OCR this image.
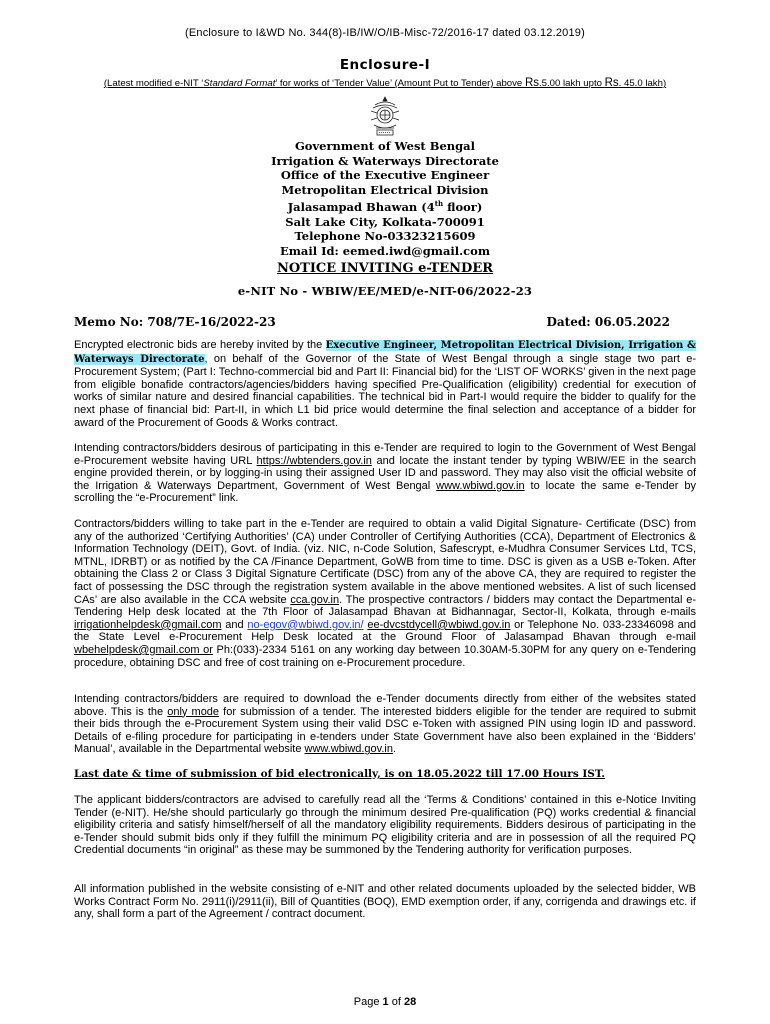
(Enclosure to I&WD No. 344(8)-IB/IW/O/IB-Misc-72/2016-17 dated 03.12.2019)
Enclosure-I
(Latest modified e-NIT ‘Standard Format’ for works of ‘Tender Value’ (Amount Put to Tender) above Rs.5.00 lakh upto Rs. 45.0 lakh)
Government of West Bengal
Irrigation & Waterways Directorate
Office of the Executive Engineer
Metropolitan Electrical Division
Jalasampad Bhawan (4th floor)
Salt Lake City, Kolkata-700091
Telephone No-03323215609
Email Id: eemed.iwd@gmail.com
NOTICE INVITING e-TENDER
e-NIT No - WBIW/EE/MED/e-NIT-06/2022-23
Memo No: 708/7E-16/2022-23	Dated: 06.05.2022
Encrypted electronic bids are hereby invited by the Executive Engineer, Metropolitan Electrical Division, Irrigation & Waterways Directorate, on behalf of the Governor of the State of West Bengal through a single stage two part e-Procurement System; (Part I: Techno-commercial bid and Part II: Financial bid) for the ‘LIST OF WORKS’ given in the next page from eligible bonafide contractors/agencies/bidders having specified Pre-Qualification (eligibility) credential for execution of works of similar nature and desired financial capabilities. The technical bid in Part-I would require the bidder to qualify for the next phase of financial bid: Part-II, in which L1 bid price would determine the final selection and acceptance of a bidder for award of the Procurement of Goods & Works contract.
Intending contractors/bidders desirous of participating in this e-Tender are required to login to the Government of West Bengal e-Procurement website having URL https://wbtenders.gov.in and locate the instant tender by typing WBIW/EE in the search engine provided therein, or by logging-in using their assigned User ID and password. They may also visit the official website of the Irrigation & Waterways Department, Government of West Bengal www.wbiwd.gov.in to locate the same e-Tender by scrolling the “e-Procurement” link.
Contractors/bidders willing to take part in the e-Tender are required to obtain a valid Digital Signature- Certificate (DSC) from any of the authorized ‘Certifying Authorities’ (CA) under Controller of Certifying Authorities (CCA), Department of Electronics & Information Technology (DEIT), Govt. of India. (viz. NIC, n-Code Solution, Safescrypt, e-Mudhra Consumer Services Ltd, TCS, MTNL, IDRBT) or as notified by the CA /Finance Department, GoWB from time to time. DSC is given as a USB e-Token. After obtaining the Class 2 or Class 3 Digital Signature Certificate (DSC) from any of the above CA, they are required to register the fact of possessing the DSC through the registration system available in the above mentioned websites. A list of such licensed CAs’ are also available in the CCA website cca.gov.in. The prospective contractors / bidders may contact the Departmental e-Tendering Help desk located at the 7th Floor of Jalasampad Bhavan at Bidhannagar, Sector-II, Kolkata, through e-mails irrigationhelpdesk@gmail.com and no-egov@wbiwd.gov.in/ ee-dvcstdycell@wbiwd.gov.in or Telephone No. 033-23346098 and the State Level e-Procurement Help Desk located at the Ground Floor of Jalasampad Bhavan through e-mail wbehelpdesk@gmail.com or Ph:(033)-2334 5161 on any working day between 10.30AM-5.30PM for any query on e-Tendering procedure, obtaining DSC and free of cost training on e-Procurement procedure.
Intending contractors/bidders are required to download the e-Tender documents directly from either of the websites stated above. This is the only mode for submission of a tender. The interested bidders eligible for the tender are required to submit their bids through the e-Procurement System using their valid DSC e-Token with assigned PIN using login ID and password. Details of e-filing procedure for participating in e-tenders under State Government have also been explained in the ‘Bidders’ Manual’, available in the Departmental website www.wbiwd.gov.in.
Last date & time of submission of bid electronically, is on 18.05.2022 till 17.00 Hours IST.
The applicant bidders/contractors are advised to carefully read all the ‘Terms & Conditions’ contained in this e-Notice Inviting Tender (e-NIT). He/she should particularly go through the minimum desired Pre-qualification (PQ) works credential & financial eligibility criteria and satisfy himself/herself of all the mandatory eligibility requirements. Bidders desirous of participating in the e-Tender should submit bids only if they fulfill the minimum PQ eligibility criteria and are in possession of all the required PQ Credential documents “in original” as these may be summoned by the Tendering authority for verification purposes.
All information published in the website consisting of e-NIT and other related documents uploaded by the selected bidder, WB Works Contract Form No. 2911(i)/2911(ii), Bill of Quantities (BOQ), EMD exemption order, if any, corrigenda and drawings etc. if any, shall form a part of the Agreement / contract document.
Page 1 of 28
